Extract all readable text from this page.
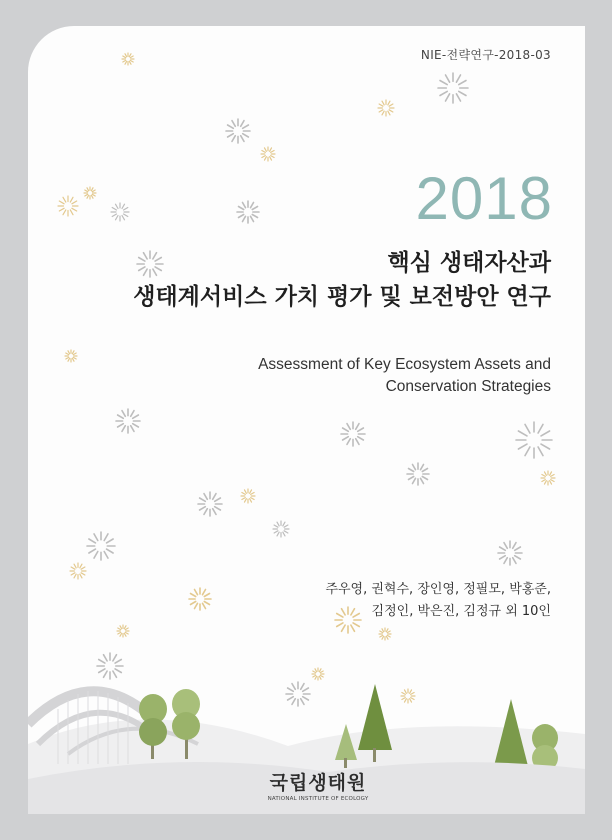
NIE-전략연구-2018-03
2018
핵심 생태자산과
생태계서비스 가치 평가 및 보전방안 연구
Assessment of Key Ecosystem Assets and
Conservation Strategies
주우영, 권혁수, 장인영, 정필모, 박홍준,
김정인, 박은진, 김정규 외 10인
국립생태원
NATIONAL INSTITUTE OF ECOLOGY
